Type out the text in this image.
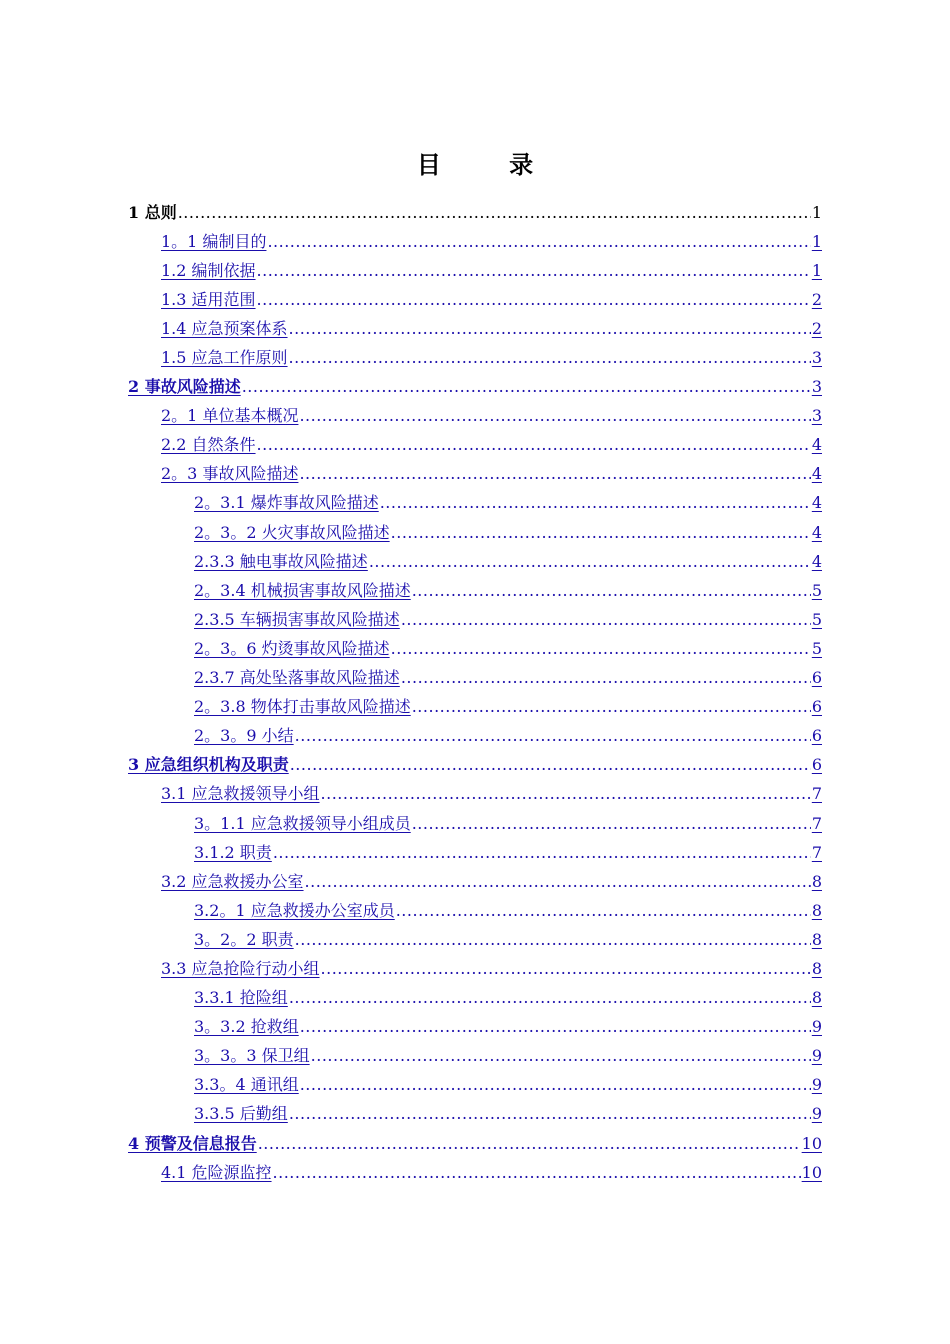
目 录
1 总则 .....	1
1。1 编制目的 .....	1
1.2 编制依据 .....	1
1.3 适用范围 .....	2
1.4 应急预案体系 .....	2
1.5 应急工作原则 .....	3
2 事故风险描述 .....	3
2。1 单位基本概况 .....	3
2.2 自然条件 .....	4
2。3 事故风险描述 .....	4
2。3.1 爆炸事故风险描述 .....	4
2。3。2 火灾事故风险描述 .....	4
2.3.3 触电事故风险描述 .....	4
2。3.4 机械损害事故风险描述 .....	5
2.3.5 车辆损害事故风险描述 .....	5
2。3。6 灼烫事故风险描述 .....	5
2.3.7 高处坠落事故风险描述 .....	6
2。3.8 物体打击事故风险描述 .....	6
2。3。9 小结 .....	6
3 应急组织机构及职责 .....	6
3.1 应急救援领导小组 .....	7
3。1.1 应急救援领导小组成员 .....	7
3.1.2 职责 .....	7
3.2 应急救援办公室 .....	8
3.2。1 应急救援办公室成员 .....	8
3。2。2 职责 .....	8
3.3 应急抢险行动小组 .....	8
3.3.1 抢险组 .....	8
3。3.2 抢救组 .....	9
3。3。3 保卫组 .....	9
3.3。4 通讯组 .....	9
3.3.5 后勤组 .....	9
4 预警及信息报告 .....	10
4.1 危险源监控 .....	10
